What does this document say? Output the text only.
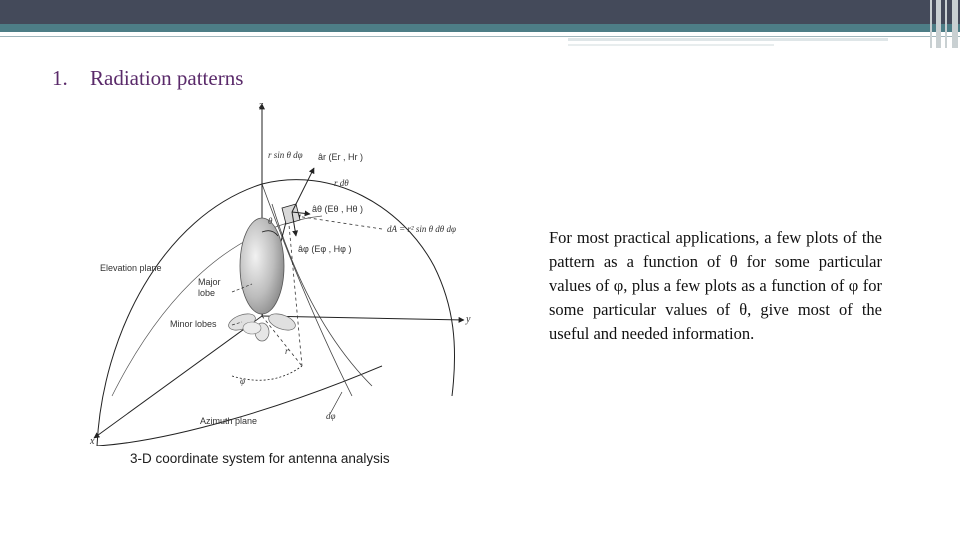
1. Radiation patterns
z
y
x
r sin θ dφ âr (Er , Hr )
r dθ
âθ (Eθ , Hθ )
dA = r² sin θ dθ dφ
âφ (Eφ , Hφ )
Elevation plane
Major
lobe
Minor lobes
θ
φ
r
dφ
Azimuth plane
3-D coordinate system for antenna analysis

For most practical applications, a few plots of the pattern as a function of θ for some particular values of φ, plus a few plots as a function of φ for some particular values of θ, give most of the useful and needed information.
